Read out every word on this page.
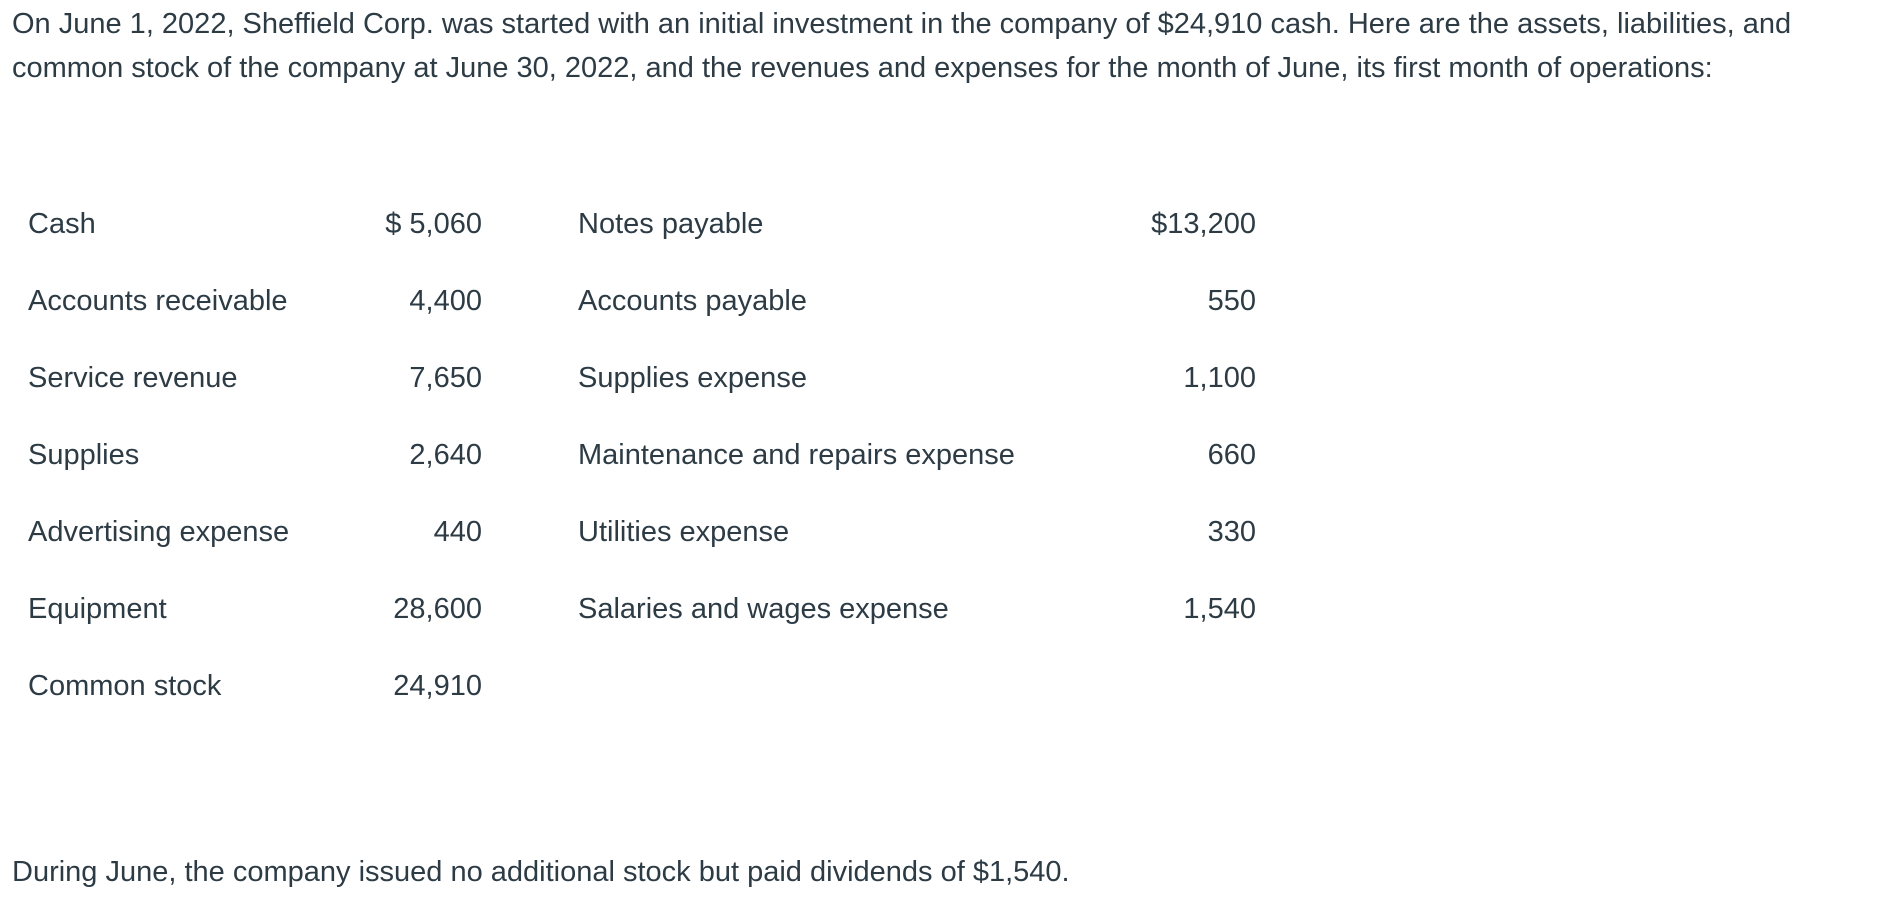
On June 1, 2022, Sheffield Corp. was started with an initial investment in the company of $24,910 cash. Here are the assets, liabilities, and common stock of the company at June 30, 2022, and the revenues and expenses for the month of June, its first month of operations:

Cash	$ 5,060		Notes payable	$13,200
Accounts receivable	4,400		Accounts payable	550
Service revenue	7,650		Supplies expense	1,100
Supplies	2,640		Maintenance and repairs expense	660
Advertising expense	440		Utilities expense	330
Equipment	28,600		Salaries and wages expense	1,540
Common stock	24,910			

During June, the company issued no additional stock but paid dividends of $1,540.
